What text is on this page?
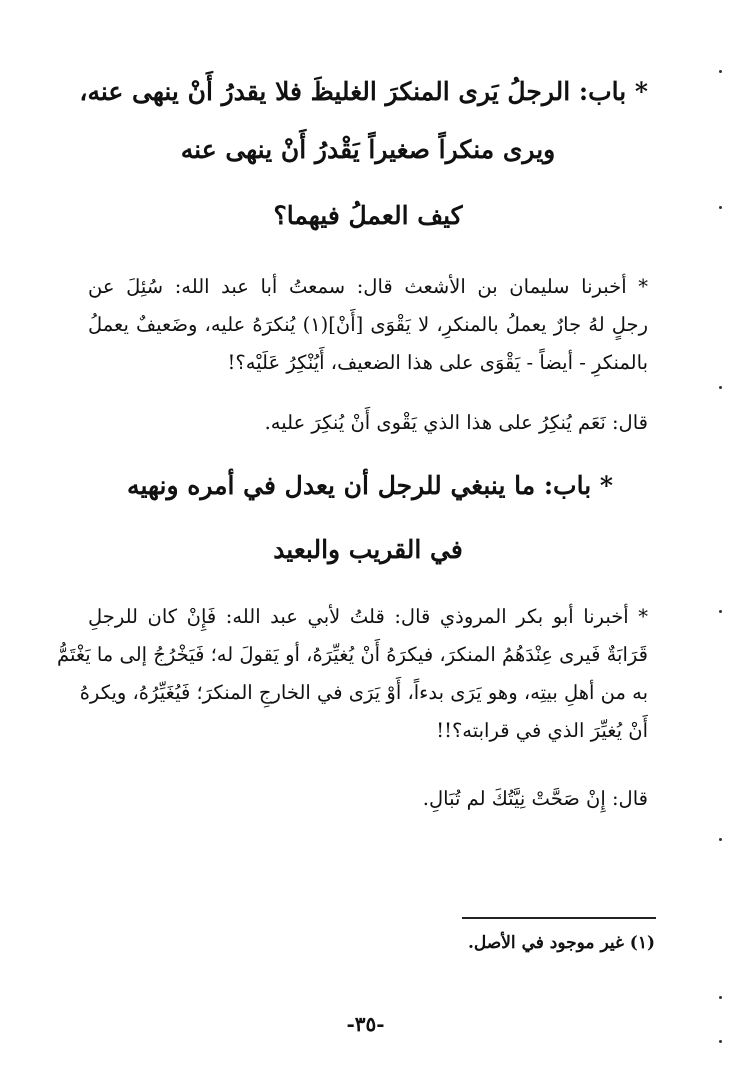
* باب: الرجلُ يَرى المنكرَ الغليظَ فلا يقدرُ أَنْ ينهى عنه،
ويرى منكراً صغيراً يَقْدرُ أَنْ ينهى عنه
كيف العملُ فيهما؟
* أخبرنا سليمان بن الأشعث قال: سمعتُ أبا عبد الله: سُئِلَ عن
رجلٍ لهُ جارٌ يعملُ بالمنكرِ، لا يَقْوَى [أَنْ](١) يُنكرَهُ عليه، وضَعيفٌ يعملُ
بالمنكرِ - أيضاً - يَقْوَى على هذا الضعيف، أَيُنْكِرُ عَلَيْه؟!
قال: نَعَم يُنكِرُ على هذا الذي يَقْوى أَنْ يُنكِرَ عليه.
* باب: ما ينبغي للرجل أن يعدل في أمره ونهيه
في القريب والبعيد
* أخبرنا أبو بكر المروذي قال: قلتُ لأبي عبد الله: فَإِنْ كان للرجلِ
قَرَابَةٌ فَيرى عِنْدَهُمُ المنكرَ، فيكرَهُ أَنْ يُغيِّرَهُ، أو يَقولَ له؛ فَيَخْرُجُ إلى ما يَغْتَمُّ
به من أهلِ بيتِه، وهو يَرَى بدءاً، أَوْ يَرَى في الخارجِ المنكرَ؛ فَيُغَيِّرُهُ، ويكرهُ
أَنْ يُغيِّرَ الذي في قرابته؟!!
قال: إِنْ صَحَّتْ نِيَّتُكَ لم تُبَالِ.
(١) غير موجود في الأصل.
-٣٥-
